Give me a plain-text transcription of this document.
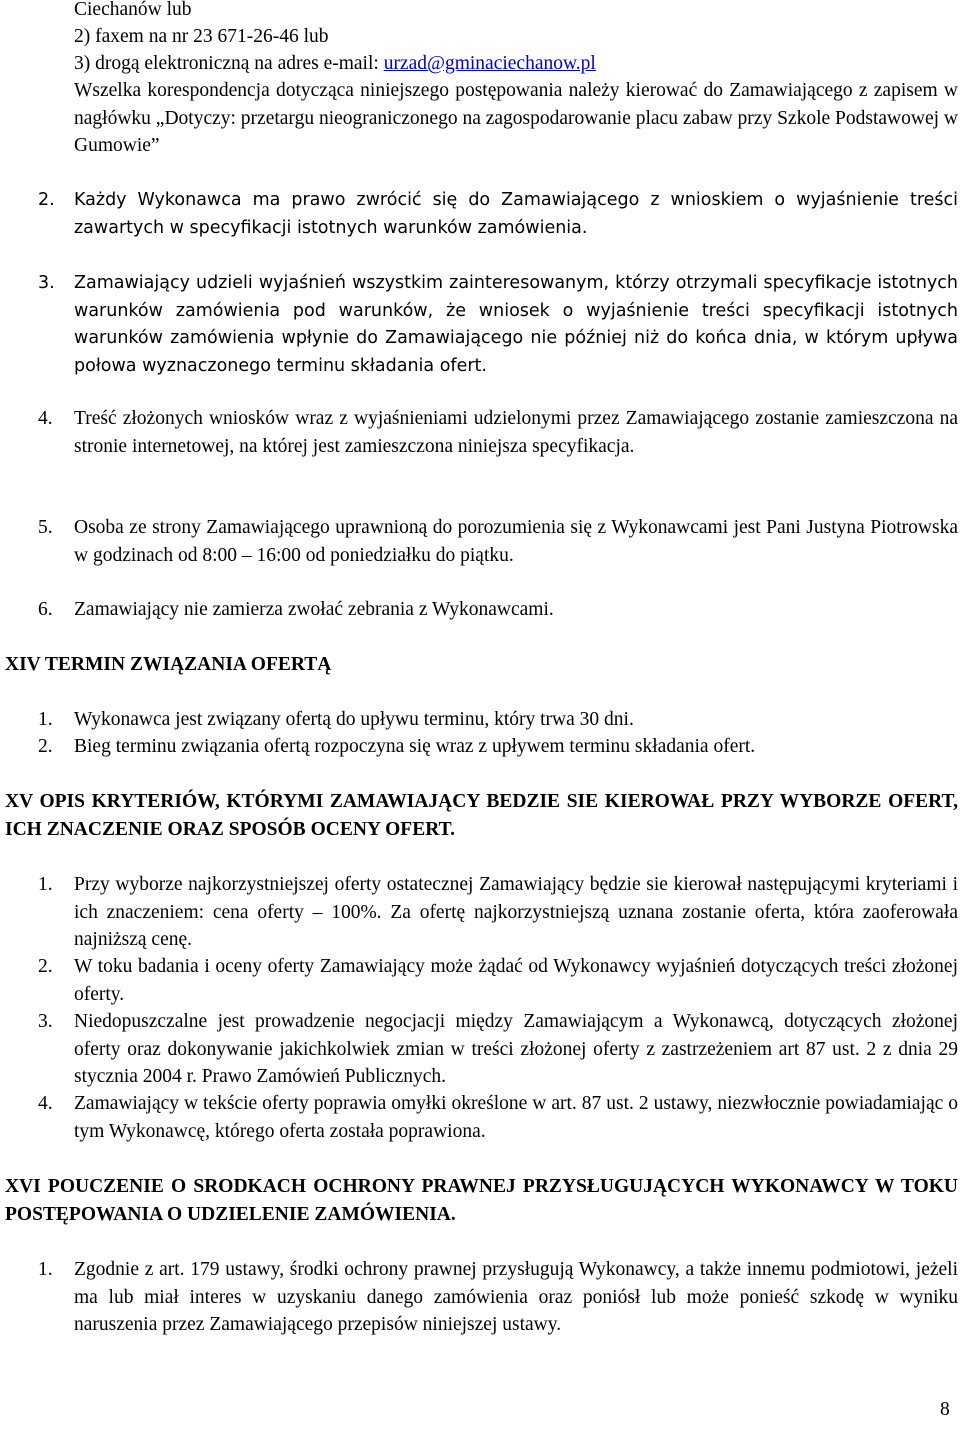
Ciechanów lub
2) faxem na nr 23 671-26-46 lub
3) drogą elektroniczną na adres e-mail: urzad@gminaciechanow.pl
Wszelka korespondencja dotycząca niniejszego postępowania należy kierować do Zamawiającego z zapisem w nagłówku „Dotyczy: przetargu nieograniczonego na zagospodarowanie placu zabaw przy Szkole Podstawowej w Gumowie”
2.	Każdy Wykonawca ma prawo zwrócić się do Zamawiającego z wnioskiem o wyjaśnienie treści zawartych w specyfikacji istotnych warunków zamówienia.
3.	Zamawiający udzieli wyjaśnień wszystkim zainteresowanym, którzy otrzymali specyfikacje istotnych warunków zamówienia pod warunków, że wniosek o wyjaśnienie treści specyfikacji istotnych warunków zamówienia wpłynie do Zamawiającego nie później niż do końca dnia, w którym upływa połowa wyznaczonego terminu składania ofert.
4.	Treść złożonych wniosków wraz z wyjaśnieniami udzielonymi przez Zamawiającego zostanie zamieszczona na stronie internetowej, na której jest zamieszczona niniejsza specyfikacja.
5.	Osoba ze strony Zamawiającego uprawnioną do porozumienia się z Wykonawcami jest Pani Justyna Piotrowska w godzinach od 8:00 – 16:00 od poniedziałku do piątku.
6.	Zamawiający nie zamierza zwołać zebrania z Wykonawcami.
XIV TERMIN ZWIĄZANIA OFERTĄ
1.	Wykonawca jest związany ofertą do upływu terminu, który trwa 30 dni.
2.	Bieg terminu związania ofertą rozpoczyna się wraz z upływem terminu składania ofert.
XV OPIS KRYTERIÓW, KTÓRYMI ZAMAWIAJĄCY BEDZIE SIE KIEROWAŁ PRZY WYBORZE OFERT, ICH ZNACZENIE ORAZ SPOSÓB OCENY OFERT.
1.	Przy wyborze najkorzystniejszej oferty ostatecznej Zamawiający będzie sie kierował następującymi kryteriami i ich znaczeniem: cena oferty – 100%. Za ofertę najkorzystniejszą uznana zostanie oferta, która zaoferowała najniższą cenę.
2.	W toku badania i oceny oferty Zamawiający może żądać od Wykonawcy wyjaśnień dotyczących treści złożonej oferty.
3.	Niedopuszczalne jest prowadzenie negocjacji między Zamawiającym a Wykonawcą, dotyczących złożonej oferty oraz dokonywanie jakichkolwiek zmian w treści złożonej oferty z zastrzeżeniem art 87 ust. 2 z dnia 29 stycznia 2004 r. Prawo Zamówień Publicznych.
4.	Zamawiający w tekście oferty poprawia omyłki określone w art. 87 ust. 2 ustawy, niezwłocznie powiadamiając o tym Wykonawcę, którego oferta została poprawiona.
XVI POUCZENIE O SRODKACH OCHRONY PRAWNEJ PRZYSŁUGUJĄCYCH WYKONAWCY W TOKU POSTĘPOWANIA O UDZIELENIE ZAMÓWIENIA.
1.	Zgodnie z art. 179 ustawy, środki ochrony prawnej przysługują Wykonawcy, a także innemu podmiotowi, jeżeli ma lub miał interes w uzyskaniu danego zamówienia oraz poniósł lub może ponieść szkodę w wyniku naruszenia przez Zamawiającego przepisów niniejszej ustawy.
8
